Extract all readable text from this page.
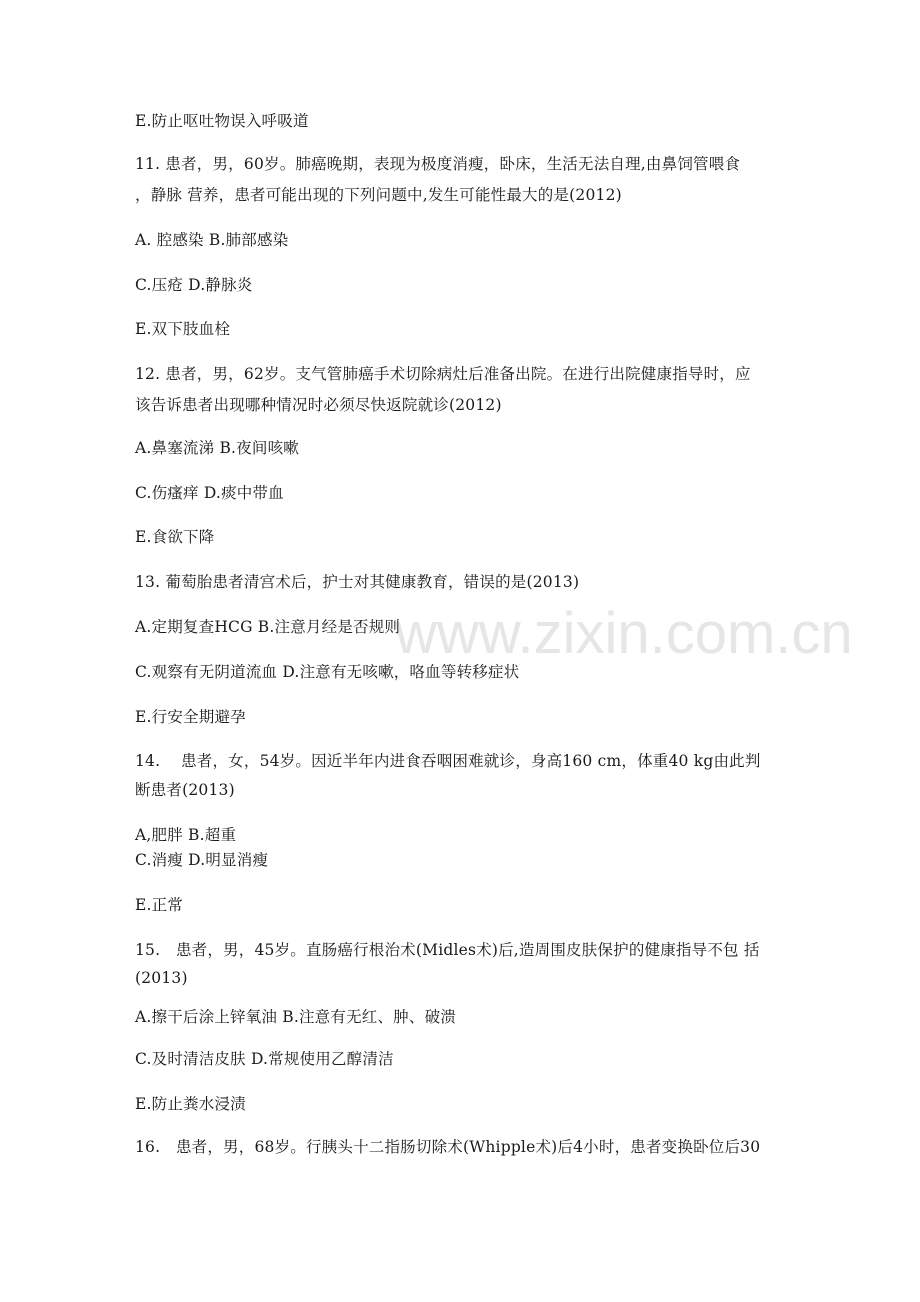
www.zixin.com.cn
E.防止呕吐物误入呼吸道
11. 患者，男，60岁。肺癌晚期，表现为极度消瘦，卧床，生活无法自理,由鼻饲管喂食
，静脉 营养，患者可能出现的下列问题中,发生可能性最大的是(2012)
A. 腔感染 B.肺部感染
C.压疮 D.静脉炎
E.双下肢血栓
12. 患者，男，62岁。支气管肺癌手术切除病灶后准备出院。在进行出院健康指导时，应
该告诉患者出现哪种情况时必须尽快返院就诊(2012)
A.鼻塞流涕 B.夜间咳嗽
C.伤瘙痒 D.痰中带血
E.食欲下降
13. 葡萄胎患者清宫术后，护士对其健康教育，错误的是(2013)
A.定期复查HCG B.注意月经是否规则
C.观察有无阴道流血 D.注意有无咳嗽，咯血等转移症状
E.行安全期避孕
14.　 患者，女，54岁。因近半年内进食吞咽困难就诊，身高160 cm，体重40 kg由此判
断患者(2013)
A,肥胖 B.超重
C.消瘦 D.明显消瘦
E.正常
15.　患者，男，45岁。直肠癌行根治术(Midles术)后,造周围皮肤保护的健康指导不包 括
(2013)
A.擦干后涂上锌氧油 B.注意有无红、肿、破溃
C.及时清洁皮肤 D.常规使用乙醇清洁
E.防止粪水浸渍
16.　患者，男，68岁。行胰头十二指肠切除术(Whipple术)后4小时，患者变换卧位后30
